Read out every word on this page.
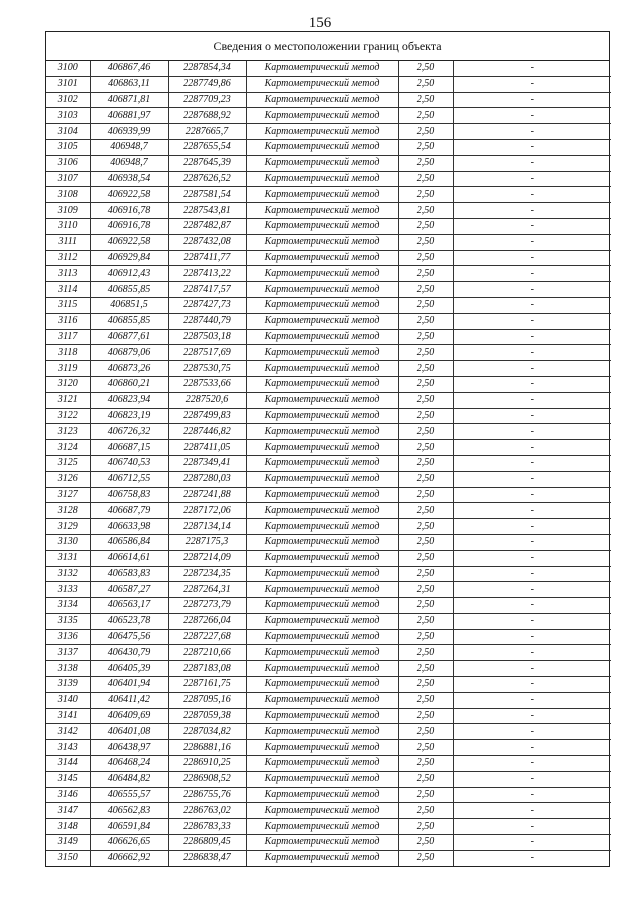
156
Сведения о местоположении границ объекта
3100	406867,46	2287854,34	Картометрический метод	2,50	-
3101	406863,11	2287749,86	Картометрический метод	2,50	-
3102	406871,81	2287709,23	Картометрический метод	2,50	-
3103	406881,97	2287688,92	Картометрический метод	2,50	-
3104	406939,99	2287665,7	Картометрический метод	2,50	-
3105	406948,7	2287655,54	Картометрический метод	2,50	-
3106	406948,7	2287645,39	Картометрический метод	2,50	-
3107	406938,54	2287626,52	Картометрический метод	2,50	-
3108	406922,58	2287581,54	Картометрический метод	2,50	-
3109	406916,78	2287543,81	Картометрический метод	2,50	-
3110	406916,78	2287482,87	Картометрический метод	2,50	-
3111	406922,58	2287432,08	Картометрический метод	2,50	-
3112	406929,84	2287411,77	Картометрический метод	2,50	-
3113	406912,43	2287413,22	Картометрический метод	2,50	-
3114	406855,85	2287417,57	Картометрический метод	2,50	-
3115	406851,5	2287427,73	Картометрический метод	2,50	-
3116	406855,85	2287440,79	Картометрический метод	2,50	-
3117	406877,61	2287503,18	Картометрический метод	2,50	-
3118	406879,06	2287517,69	Картометрический метод	2,50	-
3119	406873,26	2287530,75	Картометрический метод	2,50	-
3120	406860,21	2287533,66	Картометрический метод	2,50	-
3121	406823,94	2287520,6	Картометрический метод	2,50	-
3122	406823,19	2287499,83	Картометрический метод	2,50	-
3123	406726,32	2287446,82	Картометрический метод	2,50	-
3124	406687,15	2287411,05	Картометрический метод	2,50	-
3125	406740,53	2287349,41	Картометрический метод	2,50	-
3126	406712,55	2287280,03	Картометрический метод	2,50	-
3127	406758,83	2287241,88	Картометрический метод	2,50	-
3128	406687,79	2287172,06	Картометрический метод	2,50	-
3129	406633,98	2287134,14	Картометрический метод	2,50	-
3130	406586,84	2287175,3	Картометрический метод	2,50	-
3131	406614,61	2287214,09	Картометрический метод	2,50	-
3132	406583,83	2287234,35	Картометрический метод	2,50	-
3133	406587,27	2287264,31	Картометрический метод	2,50	-
3134	406563,17	2287273,79	Картометрический метод	2,50	-
3135	406523,78	2287266,04	Картометрический метод	2,50	-
3136	406475,56	2287227,68	Картометрический метод	2,50	-
3137	406430,79	2287210,66	Картометрический метод	2,50	-
3138	406405,39	2287183,08	Картометрический метод	2,50	-
3139	406401,94	2287161,75	Картометрический метод	2,50	-
3140	406411,42	2287095,16	Картометрический метод	2,50	-
3141	406409,69	2287059,38	Картометрический метод	2,50	-
3142	406401,08	2287034,82	Картометрический метод	2,50	-
3143	406438,97	2286881,16	Картометрический метод	2,50	-
3144	406468,24	2286910,25	Картометрический метод	2,50	-
3145	406484,82	2286908,52	Картометрический метод	2,50	-
3146	406555,57	2286755,76	Картометрический метод	2,50	-
3147	406562,83	2286763,02	Картометрический метод	2,50	-
3148	406591,84	2286783,33	Картометрический метод	2,50	-
3149	406626,65	2286809,45	Картометрический метод	2,50	-
3150	406662,92	2286838,47	Картометрический метод	2,50	-
